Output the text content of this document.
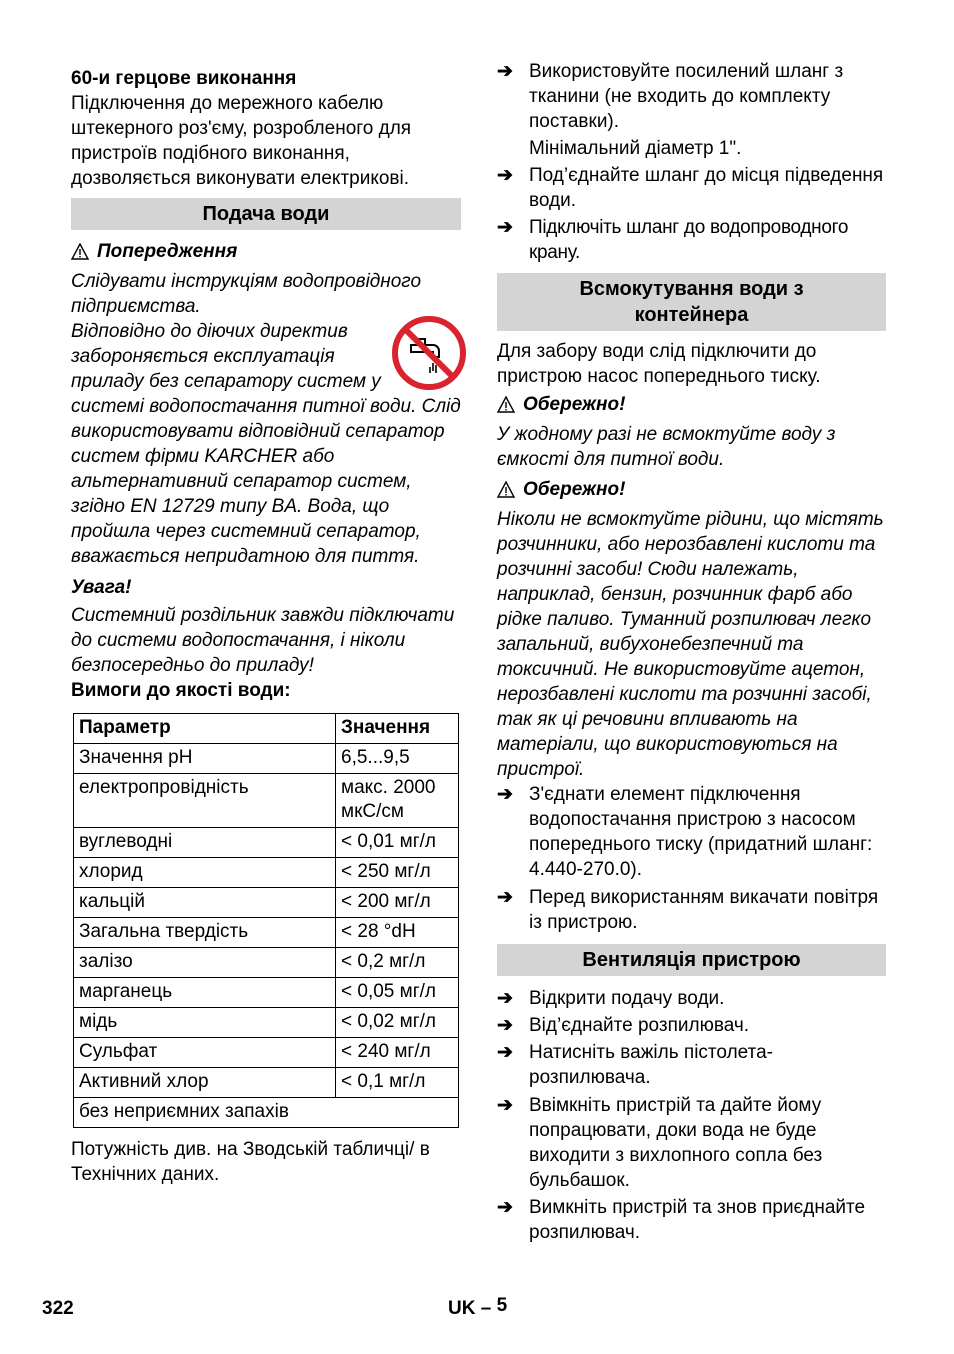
60-и герцове виконання

Підключення до мережного кабелю штекерного роз'єму, розробленого для пристроїв подібного виконання, дозволяється виконувати електрикові.

Подача води
Попередження

Слідувати інструкціям водопровідного підприємства.

Відповідно до діючих директив забороняється експлуатація приладу без сепаратору систем у системі водопостачання питної води. Слід використовувати відповідний сепаратор систем фірми KARCHER або альтернативний сепаратор систем, згідно EN 12729 типу BA. Вода, що пройшла через системний сепаратор, вважається непридатною для пиття.

Увага!

Системний роздільник завжди підключати до системи водопостачання, і ніколи безпосередньо до приладу!

Вимоги до якості води:

Параметр	Значення
Значення pH	6,5...9,5
електропровідність	макс. 2000 мкС/см
вуглеводні	< 0,01 мг/л
хлорид	< 250 мг/л
кальцій	< 200 мг/л
Загальна твердість	< 28 °dH
залізо	< 0,2 мг/л
марганець	< 0,05 мг/л
мідь	< 0,02 мг/л
Сульфат	< 240 мг/л
Активний хлор	< 0,1 мг/л
без неприємних запахів	

Потужність див. на Зводській табличці/ в Технічних даних.

➔ Використовуйте посилений шланг з тканини (не входить до комплекту поставки).

Мінімальний діаметр 1".

➔ Под’єднайте шланг до місця підведення води.
➔ Підключіть шланг до водопроводного крану.
Всмокутування води з контейнера

Для забору води слід підключити до пристрою насос попереднього тиску.

Обережно!

У жодному разі не всмоктуйте воду з ємкості для питної води.

Обережно!

Ніколи не всмоктуйте рідини, що містять розчинники, або нерозбавлені кислоти та розчинні засоби! Сюди належать, наприклад, бензин, розчинник фарб або рідке паливо. Туманний розпилювач легко запальний, вибухонебезпечний та токсичний. Не використовуйте ацетон, нерозбавлені кислоти та розчинні засобі, так як ці речовини впливають на матеріали, що використовуються на пристрої.

➔ З'єднати елемент підключення водопостачання пристрою з насосом попереднього тиску (придатний шланг: 4.440-270.0).
➔ Перед використанням викачати повітря із пристрою.
Вентиляція пристрою
➔ Відкрити подачу води.
➔ Від’єднайте розпилювач.
➔ Натисніть важіль пістолета-розпилювача.
➔ Ввімкніть пристрій та дайте йому попрацювати, доки вода не буде виходити з вихлопного сопла без бульбашок.
➔ Вимкніть пристрій та знов приєднайте розпилювач.
322	UK – 5
